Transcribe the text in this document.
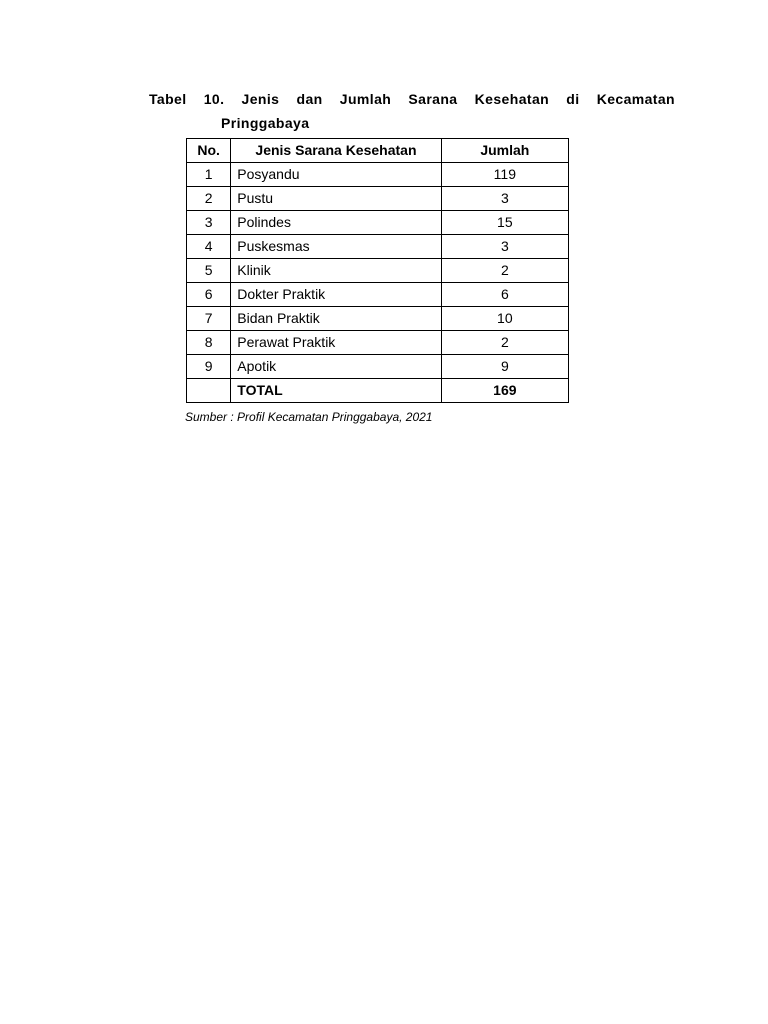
Tabel 10. Jenis dan Jumlah Sarana Kesehatan di Kecamatan
Pringgabaya
No.	Jenis Sarana Kesehatan	Jumlah
1	Posyandu	119
2	Pustu	3
3	Polindes	15
4	Puskesmas	3
5	Klinik	2
6	Dokter Praktik	6
7	Bidan Praktik	10
8	Perawat Praktik	2
9	Apotik	9
	TOTAL	169
Sumber : Profil Kecamatan Pringgabaya, 2021
